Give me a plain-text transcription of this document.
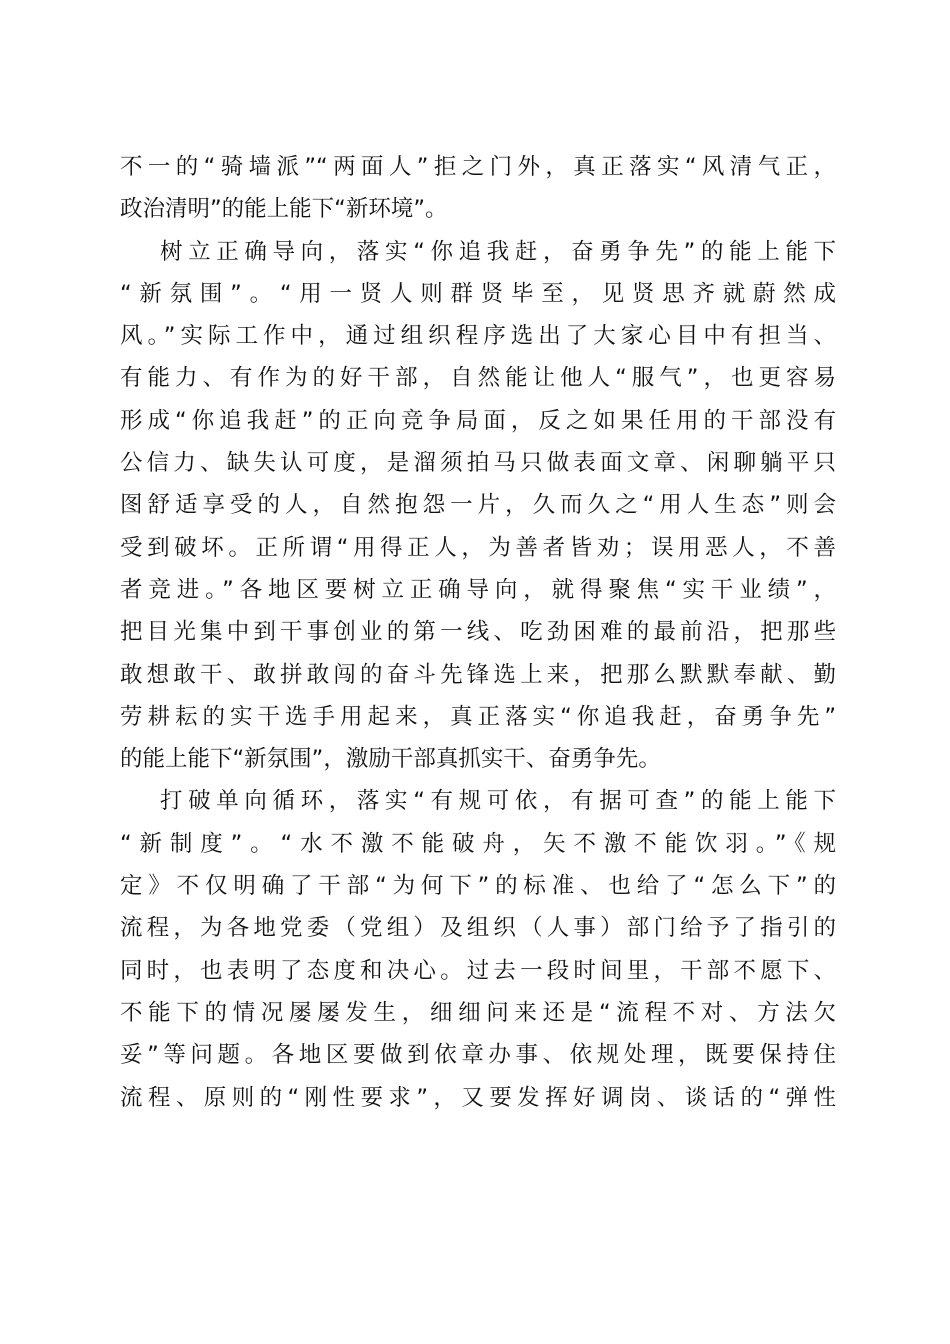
不一的“骑墙派”“两面人”拒之门外，真正落实“风清气正，
政治清明”的能上能下“新环境”。
树立正确导向，落实“你追我赶，奋勇争先”的能上能下
“新氛围”。“用一贤人则群贤毕至，见贤思齐就蔚然成
风。”实际工作中，通过组织程序选出了大家心目中有担当、
有能力、有作为的好干部，自然能让他人“服气”，也更容易
形成“你追我赶”的正向竞争局面，反之如果任用的干部没有
公信力、缺失认可度，是溜须拍马只做表面文章、闲聊躺平只
图舒适享受的人，自然抱怨一片，久而久之“用人生态”则会
受到破坏。正所谓“用得正人，为善者皆劝；误用恶人，不善
者竞进。”各地区要树立正确导向，就得聚焦“实干业绩”，
把目光集中到干事创业的第一线、吃劲困难的最前沿，把那些
敢想敢干、敢拼敢闯的奋斗先锋选上来，把那么默默奉献、勤
劳耕耘的实干选手用起来，真正落实“你追我赶，奋勇争先”
的能上能下“新氛围”，激励干部真抓实干、奋勇争先。
打破单向循环，落实“有规可依，有据可查”的能上能下
“新制度”。“水不激不能破舟，矢不激不能饮羽。”《规
定》不仅明确了干部“为何下”的标准、也给了“怎么下”的
流程，为各地党委（党组）及组织（人事）部门给予了指引的
同时，也表明了态度和决心。过去一段时间里，干部不愿下、
不能下的情况屡屡发生，细细问来还是“流程不对、方法欠
妥”等问题。各地区要做到依章办事、依规处理，既要保持住
流程、原则的“刚性要求”，又要发挥好调岗、谈话的“弹性
